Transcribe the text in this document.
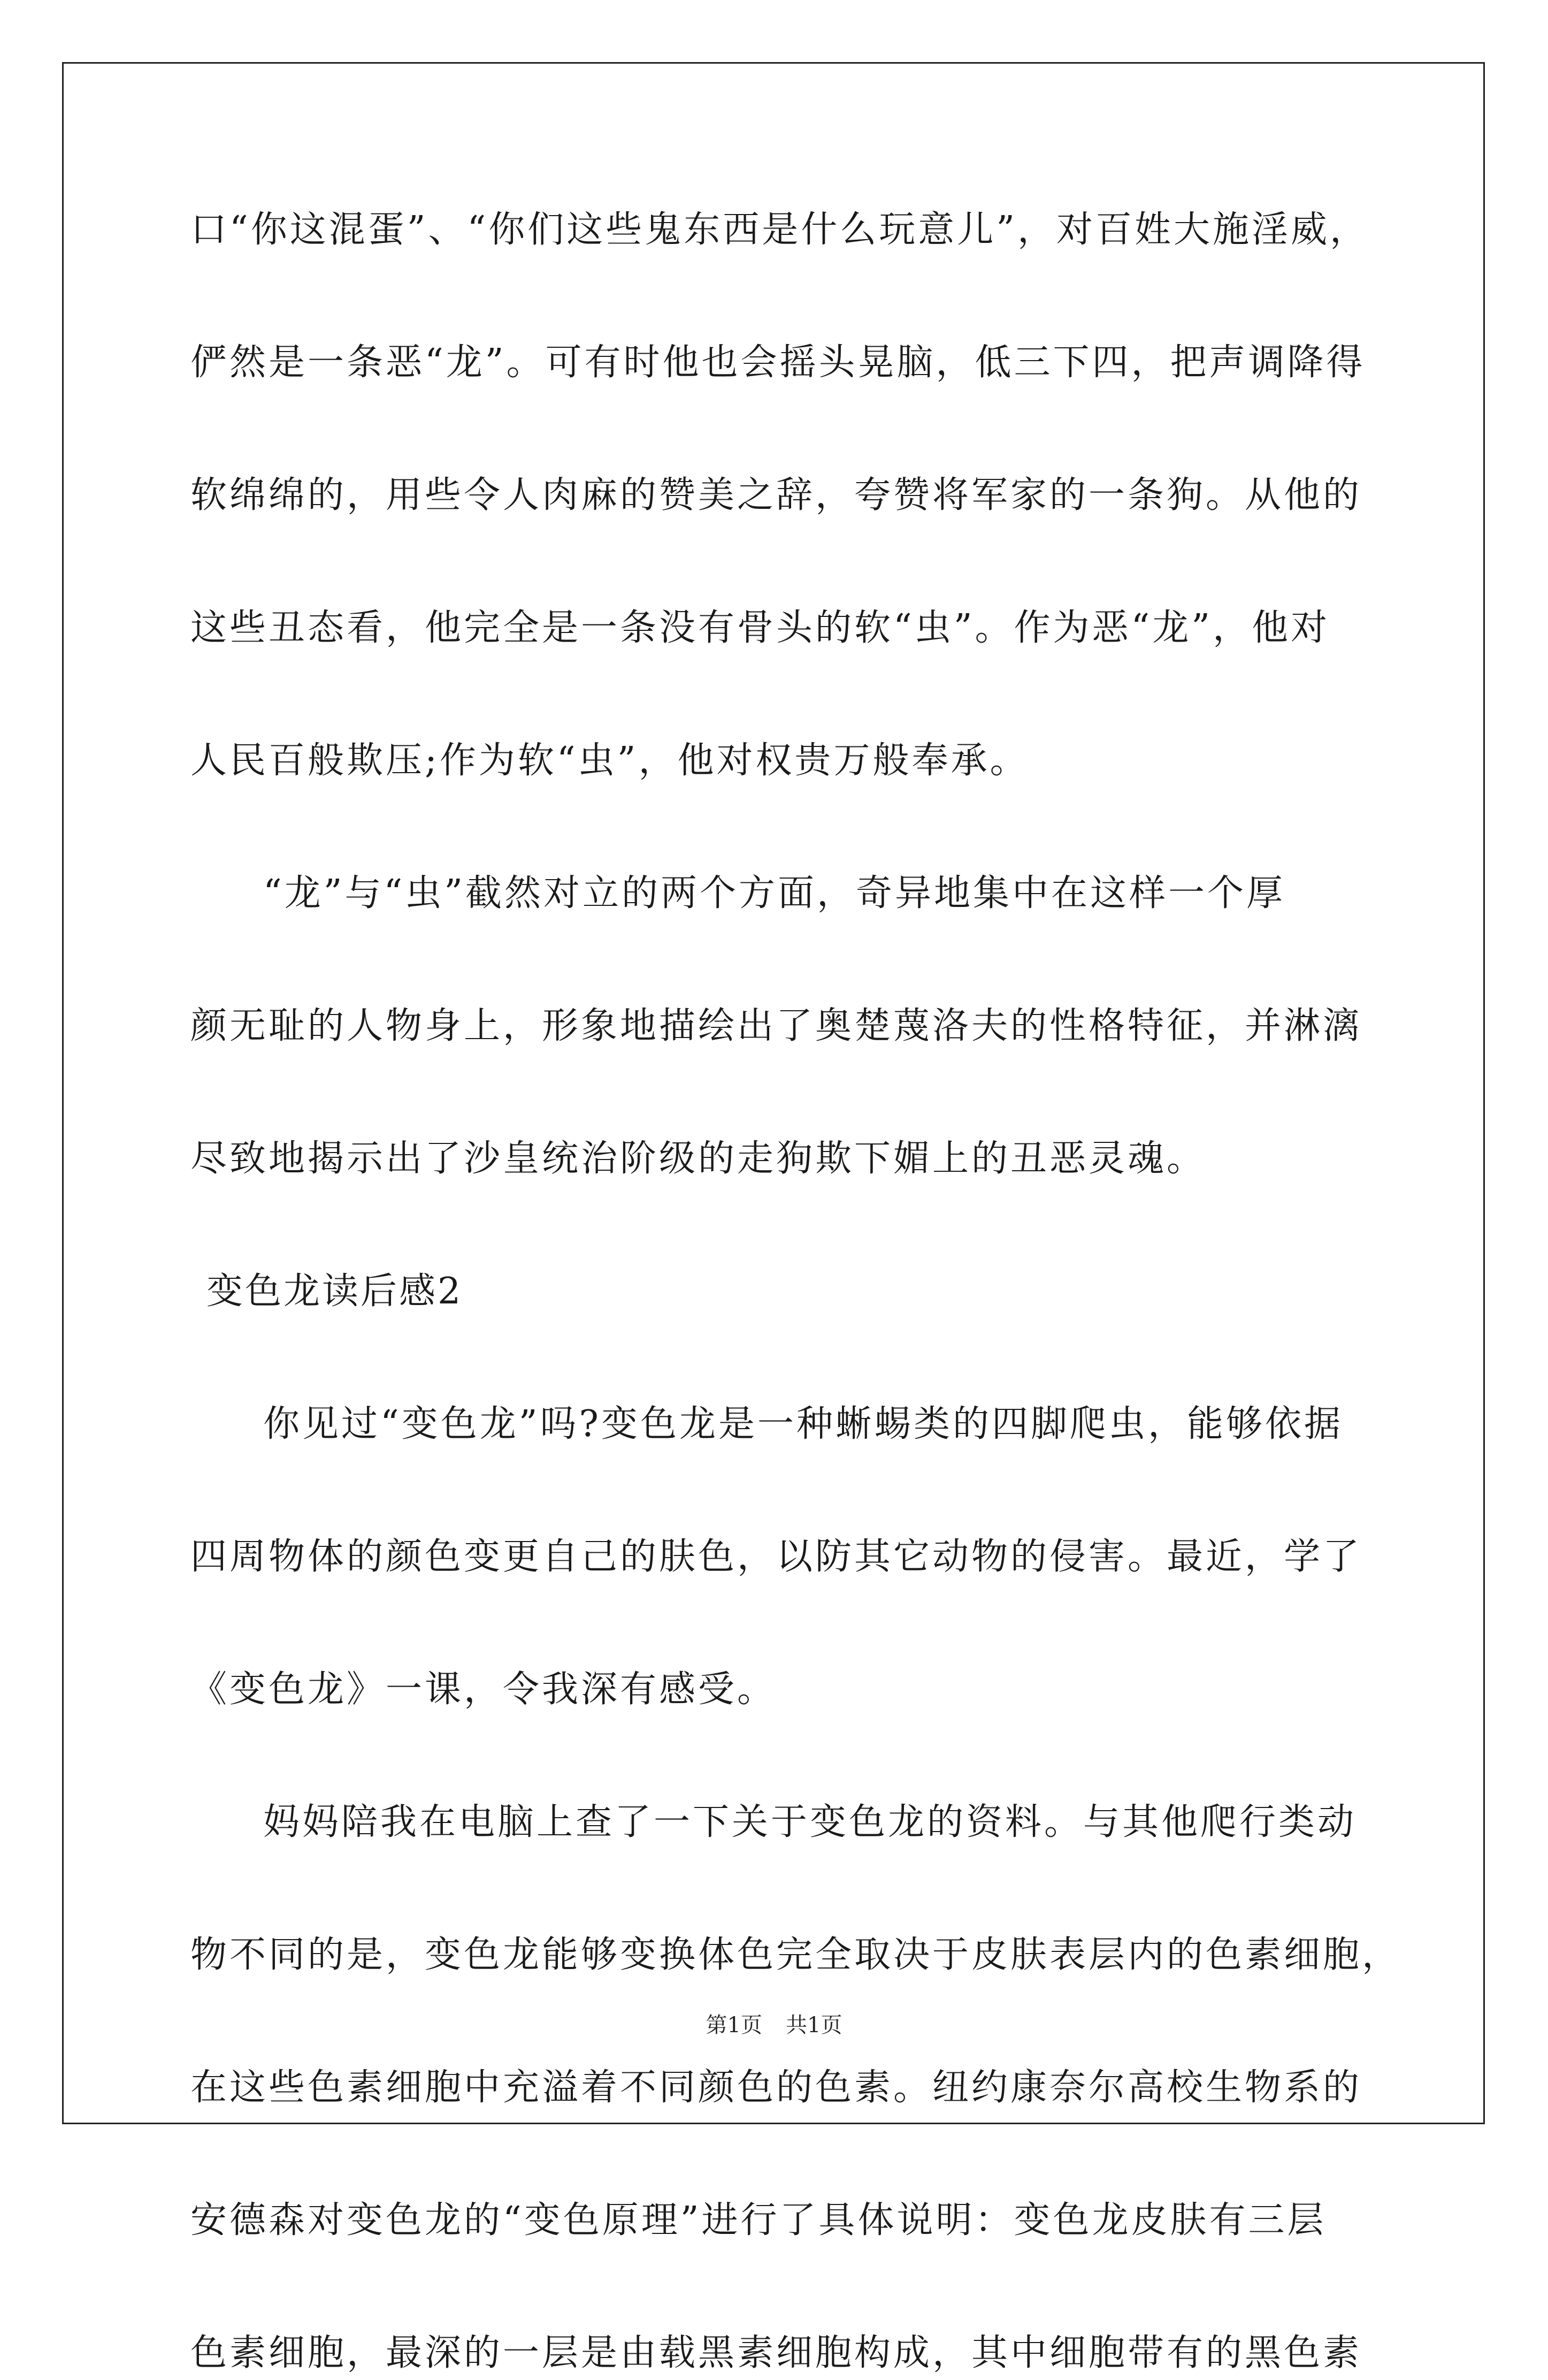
口“你这混蛋”、“你们这些鬼东西是什么玩意儿”，对百姓大施淫威，
俨然是一条恶“龙”。可有时他也会摇头晃脑，低三下四，把声调降得
软绵绵的，用些令人肉麻的赞美之辞，夸赞将军家的一条狗。从他的
这些丑态看，他完全是一条没有骨头的软“虫”。作为恶“龙”，他对
人民百般欺压;作为软“虫”，他对权贵万般奉承。
“龙”与“虫”截然对立的两个方面，奇异地集中在这样一个厚
颜无耻的人物身上，形象地描绘出了奥楚蔑洛夫的性格特征，并淋漓
尽致地揭示出了沙皇统治阶级的走狗欺下媚上的丑恶灵魂。
变色龙读后感2
你见过“变色龙”吗?变色龙是一种蜥蜴类的四脚爬虫，能够依据
四周物体的颜色变更自己的肤色，以防其它动物的侵害。最近，学了
《变色龙》一课，令我深有感受。
妈妈陪我在电脑上查了一下关于变色龙的资料。与其他爬行类动
物不同的是，变色龙能够变换体色完全取决于皮肤表层内的色素细胞，
在这些色素细胞中充溢着不同颜色的色素。纽约康奈尔高校生物系的
安德森对变色龙的“变色原理”进行了具体说明：变色龙皮肤有三层
色素细胞，最深的一层是由载黑素细胞构成，其中细胞带有的黑色素
第1页 共1页
